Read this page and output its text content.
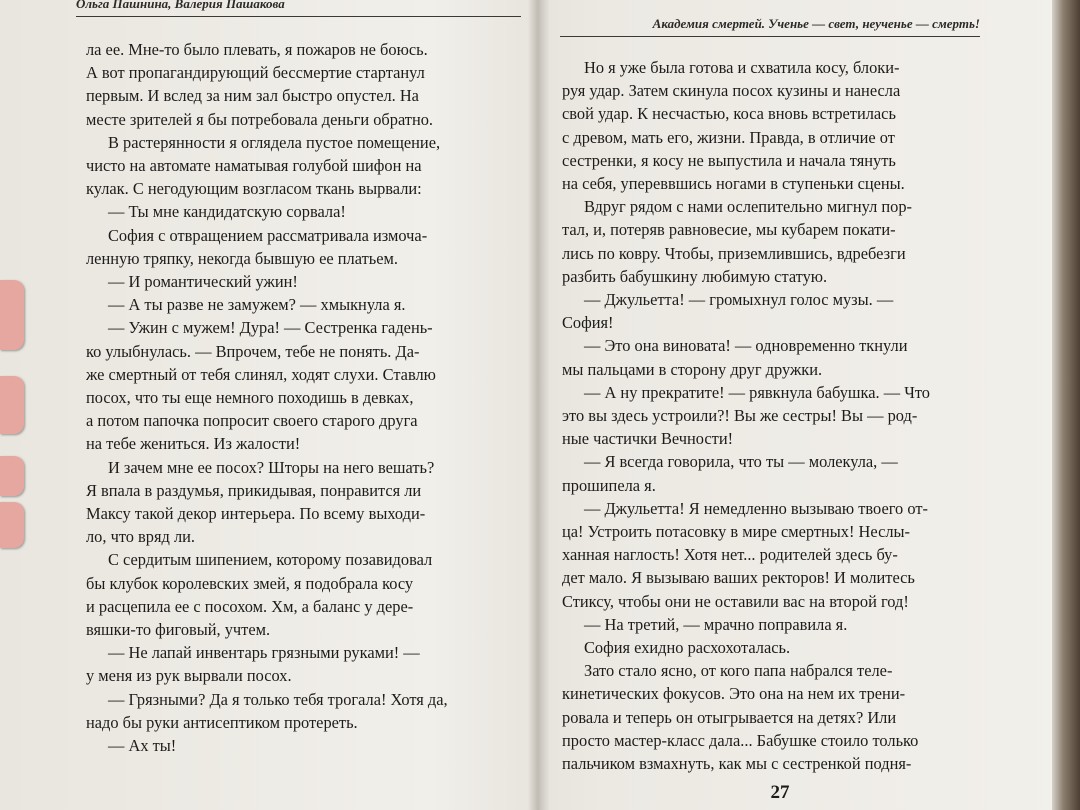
Ольга Пашнина, Валерия Пашакова
Академия смертей. Ученье — свет, неученье — смерть!
ла ее. Мне-то было плевать, я пожаров не боюсь.
А вот пропагандирующий бессмертие стартанул
первым. И вслед за ним зал быстро опустел. На
месте зрителей я бы потребовала деньги обратно.
В растерянности я оглядела пустое помещение,
чисто на автомате наматывая голубой шифон на
кулак. С негодующим возгласом ткань вырвали:
— Ты мне кандидатскую сорвала!
София с отвращением рассматривала измоча-
ленную тряпку, некогда бывшую ее платьем.
— И романтический ужин!
— А ты разве не замужем? — хмыкнула я.
— Ужин с мужем! Дура! — Сестренка гадень-
ко улыбнулась. — Впрочем, тебе не понять. Да-
же смертный от тебя слинял, ходят слухи. Ставлю
посох, что ты еще немного походишь в девках,
а потом папочка попросит своего старого друга
на тебе жениться. Из жалости!
И зачем мне ее посох? Шторы на него вешать?
Я впала в раздумья, прикидывая, понравится ли
Максу такой декор интерьера. По всему выходи-
ло, что вряд ли.
С сердитым шипением, которому позавидовал
бы клубок королевских змей, я подобрала косу
и расцепила ее с посохом. Хм, а баланс у дере-
вяшки-то фиговый, учтем.
— Не лапай инвентарь грязными руками! —
у меня из рук вырвали посох.
— Грязными? Да я только тебя трогала! Хотя да,
надо бы руки антисептиком протереть.
— Ах ты!
Но я уже была готова и схватила косу, блоки-
руя удар. Затем скинула посох кузины и нанесла
свой удар. К несчастью, коса вновь встретилась
с древом, мать его, жизни. Правда, в отличие от
сестренки, я косу не выпустила и начала тянуть
на себя, упереввшись ногами в ступеньки сцены.
Вдруг рядом с нами ослепительно мигнул пор-
тал, и, потеряв равновесие, мы кубарем покати-
лись по ковру. Чтобы, приземлившись, вдребезги
разбить бабушкину любимую статую.
— Джульетта! — громыхнул голос музы. —
София!
— Это она виновата! — одновременно ткнули
мы пальцами в сторону друг дружки.
— А ну прекратите! — рявкнула бабушка. — Что
это вы здесь устроили?! Вы же сестры! Вы — род-
ные частички Вечности!
— Я всегда говорила, что ты — молекула, —
прошипела я.
— Джульетта! Я немедленно вызываю твоего от-
ца! Устроить потасовку в мире смертных! Неслы-
ханная наглость! Хотя нет... родителей здесь бу-
дет мало. Я вызываю ваших ректоров! И молитесь
Стиксу, чтобы они не оставили вас на второй год!
— На третий, — мрачно поправила я.
София ехидно расхохоталась.
Зато стало ясно, от кого папа набрался теле-
кинетических фокусов. Это она на нем их трени-
ровала и теперь он отыгрывается на детях? Или
просто мастер-класс дала... Бабушке стоило только
пальчиком взмахнуть, как мы с сестренкой подня-
27
